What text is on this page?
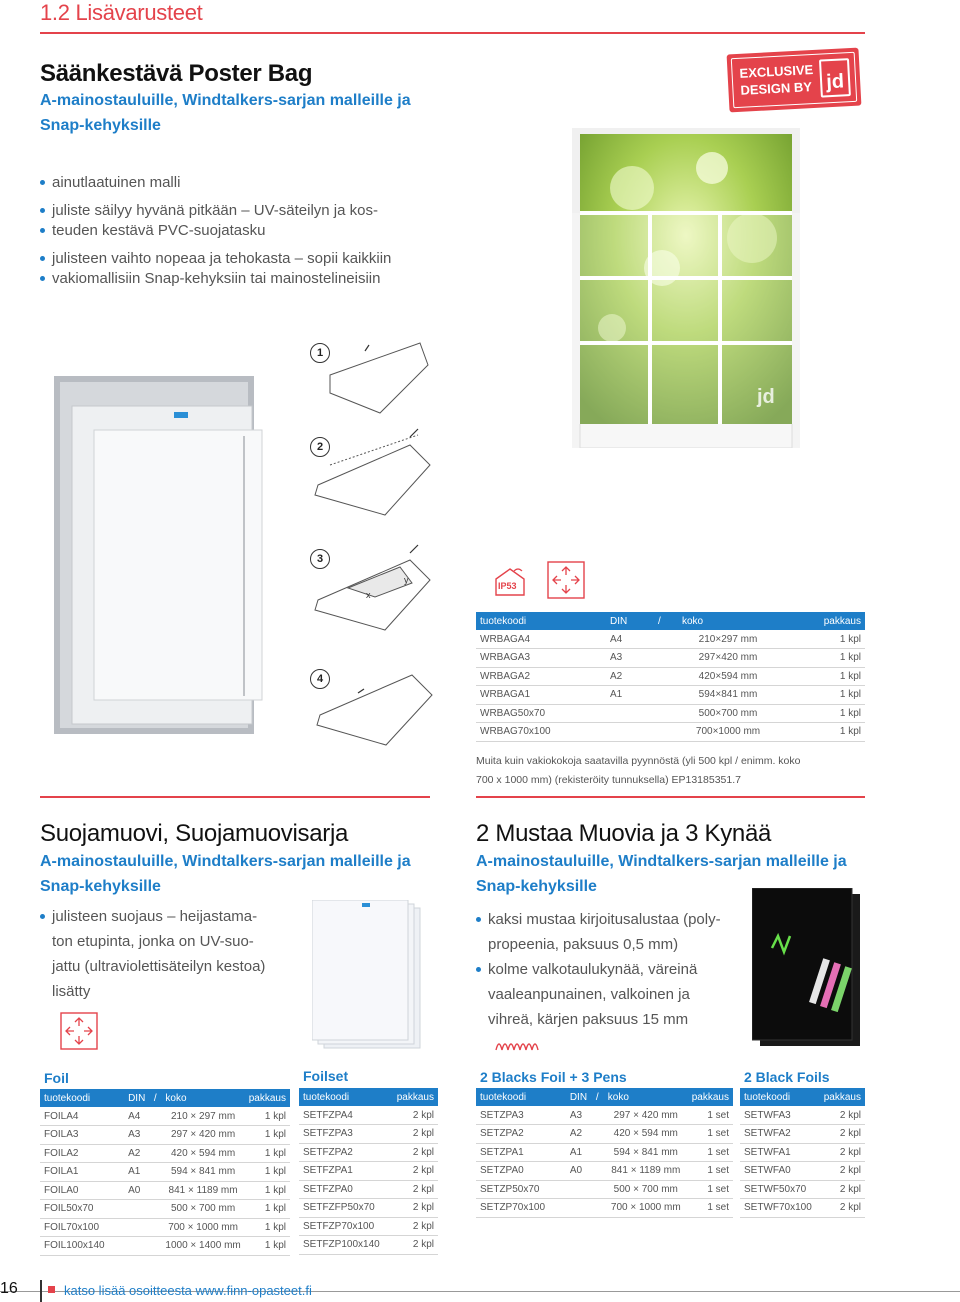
1.2 Lisävarusteet
EXCLUSIVE
DESIGN BY jd
Säänkestävä Poster Bag
A-mainostauluille, Windtalkers-sarjan malleille ja
Snap-kehyksille
ainutlaatuinen malli
juliste säilyy hyvänä pitkään – UV-säteilyn ja kos-
teuden kestävä PVC-suojatasku
julisteen vaihto nopeaa ja tehokasta – sopii kaikkiin
vakiomallisiin Snap-kehyksiin tai mainostelineisiin
jd
1
2
3
4
x
y
IP53
tuotekoodi	DIN	/	koko	pakkaus
WRBAGA4	A4		210×297 mm	1 kpl
WRBAGA3	A3		297×420 mm	1 kpl
WRBAGA2	A2		420×594 mm	1 kpl
WRBAGA1	A1		594×841 mm	1 kpl
WRBAG50x70			500×700 mm	1 kpl
WRBAG70x100			700×1000 mm	1 kpl
Muita kuin vakiokokoja saatavilla pyynnöstä (yli 500 kpl / enimm. koko
700 x 1000 mm) (rekisteröity tunnuksella) EP13185351.7
Suojamuovi, Suojamuovisarja
A-mainostauluille, Windtalkers-sarjan malleille ja
Snap-kehyksille
julisteen suojaus – heijastama-
ton etupinta, jonka on UV-suo-
jattu (ultraviolettisäteilyn kestoa)
lisätty
2 Mustaa Muovia ja 3 Kynää
A-mainostauluille, Windtalkers-sarjan malleille ja
Snap-kehyksille
kaksi mustaa kirjoitusalustaa (poly-
propeenia, paksuus 0,5 mm)
kolme valkotaulukynää, väreinä
vaaleanpunainen, valkoinen ja
vihreä, kärjen paksuus 15 mm
Foil
tuotekoodi	DIN	/	koko	pakkaus
FOILA4	A4		210 × 297 mm	1 kpl
FOILA3	A3		297 × 420 mm	1 kpl
FOILA2	A2		420 × 594 mm	1 kpl
FOILA1	A1		594 × 841 mm	1 kpl
FOILA0	A0		841 × 1189 mm	1 kpl
FOIL50x70			500 × 700 mm	1 kpl
FOIL70x100			700 × 1000 mm	1 kpl
FOIL100x140			1000 × 1400 mm	1 kpl
Foilset
tuotekoodi	pakkaus
SETFZPA4	2 kpl
SETFZPA3	2 kpl
SETFZPA2	2 kpl
SETFZPA1	2 kpl
SETFZPA0	2 kpl
SETFZFP50x70	2 kpl
SETFZP70x100	2 kpl
SETFZP100x140	2 kpl
2 Blacks Foil + 3 Pens
tuotekoodi	DIN	/	koko	pakkaus
SETZPA3	A3		297 × 420 mm	1 set
SETZPA2	A2		420 × 594 mm	1 set
SETZPA1	A1		594 × 841 mm	1 set
SETZPA0	A0		841 × 1189 mm	1 set
SETZP50x70			500 × 700 mm	1 set
SETZP70x100			700 × 1000 mm	1 set
2 Black Foils
tuotekoodi	pakkaus
SETWFA3	2 kpl
SETWFA2	2 kpl
SETWFA1	2 kpl
SETWFA0	2 kpl
SETWF50x70	2 kpl
SETWF70x100	2 kpl
16	katso lisää osoitteesta www.finn-opasteet.fi
